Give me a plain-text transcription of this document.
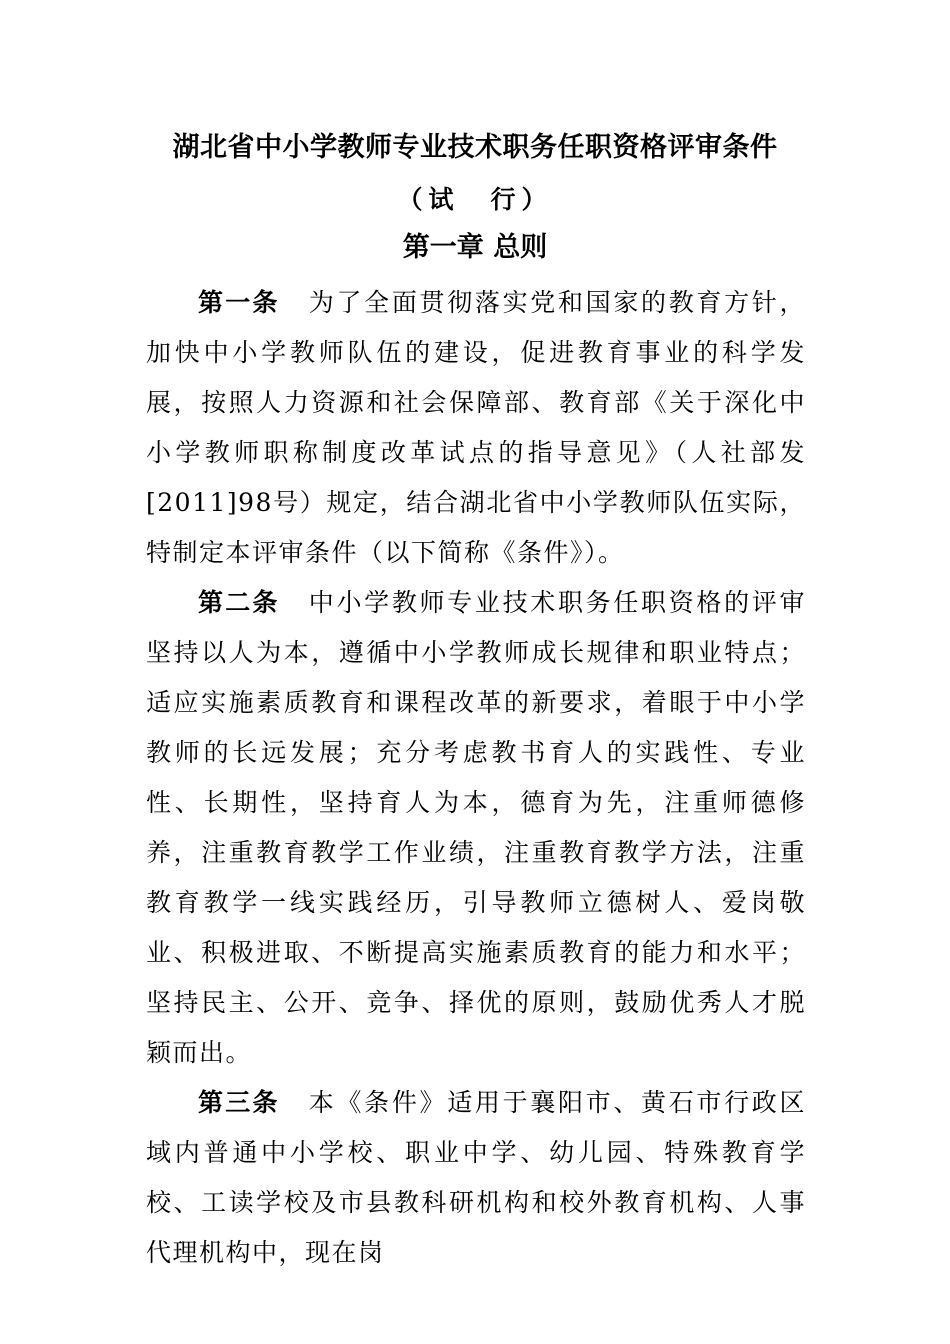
湖北省中小学教师专业技术职务任职资格评审条件
（试　行）
第一章 总则

第一条 为了全面贯彻落实党和国家的教育方针，加快中小学教师队伍的建设，促进教育事业的科学发展，按照人力资源和社会保障部、教育部《关于深化中小学教师职称制度改革试点的指导意见》（人社部发[2011]98号）规定，结合湖北省中小学教师队伍实际，特制定本评审条件（以下简称《条件》）。

第二条 中小学教师专业技术职务任职资格的评审坚持以人为本，遵循中小学教师成长规律和职业特点；适应实施素质教育和课程改革的新要求，着眼于中小学教师的长远发展；充分考虑教书育人的实践性、专业性、长期性，坚持育人为本，德育为先，注重师德修养，注重教育教学工作业绩，注重教育教学方法，注重教育教学一线实践经历，引导教师立德树人、爱岗敬业、积极进取、不断提高实施素质教育的能力和水平；坚持民主、公开、竞争、择优的原则，鼓励优秀人才脱颖而出。

第三条 本《条件》适用于襄阳市、黄石市行政区域内普通中小学校、职业中学、幼儿园、特殊教育学校、工读学校及市县教科研机构和校外教育机构、人事代理机构中，现在岗
